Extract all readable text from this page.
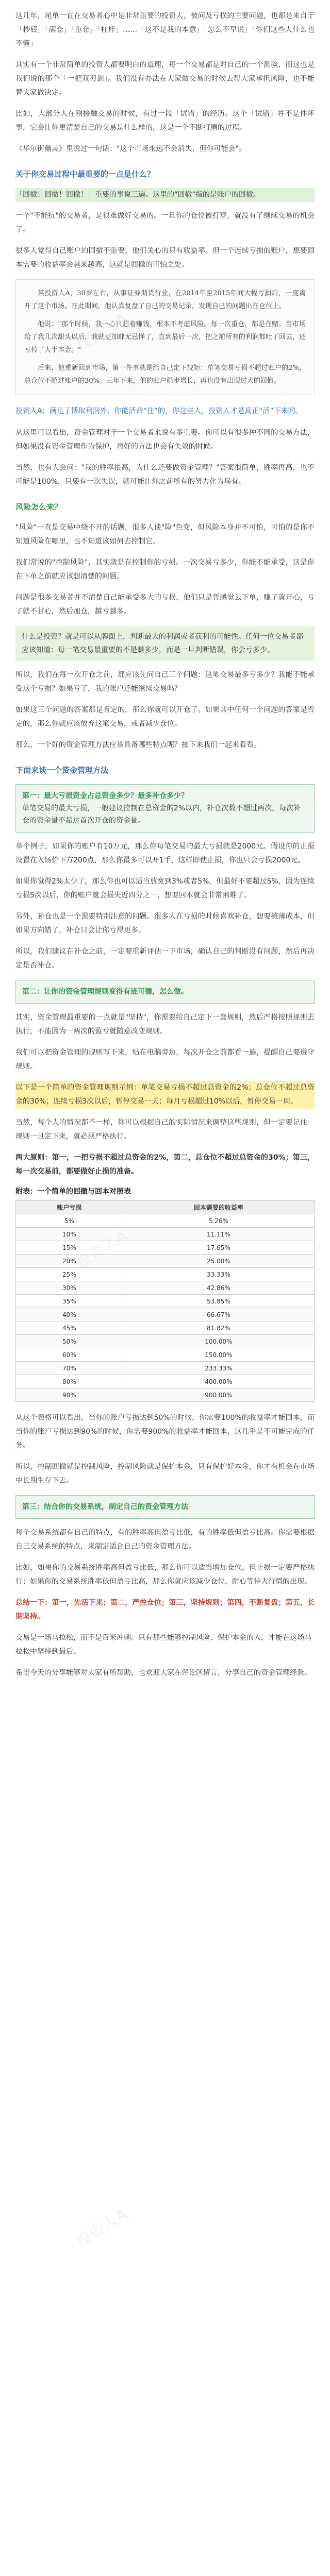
投资人A
投资人A

这几年，尾单一直在交易者心中是非常重要的投资人，被问及亏损的主要问题，也都是来自于「抄底」「满仓」「重仓」「杠杆」……「这不是我的本意」「怎么不早说」「你们这些人什么也不懂」

其实有一个非常简单的投资人都要明白的道理，每一个交易都是对自己的一个测验，而这也是我们说的那个「一把双刃剑」。我们没有办法在大家做交易的时候去帮大家承担风险，也不能替大家做决定。

比如，大部分人在刚接触交易的时候，有过一段「试错」的经历。这个「试错」并不是件坏事，它会让你更清楚自己的交易是什么样的，这是一个不断打磨的过程。

《华尔街幽灵》里说过一句话："这个市场永远不会消失，但你可能会"。

关于你交易过程中最重要的一点是什么？

「回撤！回撤！回撤！」重要的事说三遍。这里的"回撤"指的是账户的回撤。

一个"不能抗"的交易者，是很难做好交易的。一旦你的仓位被打穿，就没有了继续交易的机会了。

很多人觉得自己账户的回撤不重要，他们关心的只有收益率。但一个连续亏损的账户，想要回本需要的收益率会越来越高，这就是回撤的可怕之处。

某投资人A，30岁左右，从事证券期货行业，在2014年至2015年间大幅亏损后，一度离开了这个市场。在此期间，他认真复盘了自己的交易记录，发现自己的问题出在仓位上。

他说："那个时候，我一心只想着赚钱，根本不考虑风险。每一次重仓，都是在赌。当市场给了我几次甜头以后，我就更加肆无忌惮了，直到最后一次，把之前所有的利润都吐了回去，还亏掉了大半本金。"

后来，他重新回到市场，第一件事就是给自己定下规矩：单笔交易亏损不超过账户的2%，总仓位不超过账户的30%。三年下来，他的账户稳步增长，再也没有出现过大的回撤。

投资人A：满足了博取利润外，你能活命“住”的，你这些人，投资人才是真正“活”下来的。

从这里可以看出，资金管理对于一个交易者来说有多重要。你可以有很多种不同的交易方法，但如果没有资金管理作为保护，再好的方法也会有失效的时候。

当然，也有人会问："我的胜率很高，为什么还要做资金管理？"答案很简单，胜率再高，也不可能是100%，只要有一次失误，就可能让你之前所有的努力化为乌有。

风险怎么来？

"风险"一直是交易中绕不开的话题，很多人谈"险"色变，但风险本身并不可怕，可怕的是你不知道风险在哪里，也不知道该如何去控制它。

我们常说的"控制风险"，其实就是在控制你的亏损。一次交易亏多少，你能不能承受，这是你在下单之前就应该想清楚的问题。

问题是很多交易者并不清楚自己能承受多大的亏损，他们只是凭感觉去下单，赚了就开心，亏了就不甘心，然后加仓，越亏越多。

什么是投资？就是可以从牌面上，判断最大的利润或者获利的可能性。任何一位交易者都应该知道：每一笔交易最重要的不是赚多少，而是一旦判断错误，你会亏多少。

所以，我们在每一次开仓之前，都应该先问自己三个问题：这笔交易最多亏多少？我能不能承受这个亏损？如果亏了，我的账户还能继续交易吗？

如果这三个问题的答案都是肯定的，那么你就可以开仓了。如果其中任何一个问题的答案是否定的，那么你就应该放弃这笔交易，或者减少仓位。

那么，一个好的资金管理方法应该具备哪些特点呢？接下来我们一起来看看。

下面来谈一个资金管理方法
第一：最大亏损资金占总资金多少？最多补仓多少？
单笔交易的最大亏损，一般建议控制在总资金的2%以内，补仓次数不超过两次，每次补仓的资金量不超过首次开仓的资金量。

举个例子，如果你的账户有10万元，那么你每笔交易的最大亏损就是2000元。假设你的止损设置在入场价下方200点，那么你最多可以开1手，这样即使止损，你也只会亏损2000元。

如果你觉得2%太少了，那么你也可以适当放宽到3%或者5%，但最好不要超过5%，因为连续亏损5次以后，你的账户就会损失近四分之一，想要回本就会非常困难了。

另外，补仓也是一个需要特别注意的问题。很多人在亏损的时候喜欢补仓，想要摊薄成本，但如果方向错了，补仓只会让你亏得更多。

所以，我们建议在补仓之前，一定要重新评估一下市场，确认自己的判断没有问题，然后再决定是否补仓。

第二：让你的资金管理规则变得有迹可循，怎么做。

其实，资金管理最重要的一点就是"坚持"，你需要给自己定下一套规则，然后严格按照规则去执行，不能因为一两次的盈亏就随意改变规则。

我们可以把资金管理的规则写下来，贴在电脑旁边，每次开仓之前都看一遍，提醒自己要遵守规则。

以下是一个简单的资金管理规则示例：单笔交易亏损不超过总资金的2%；总仓位不超过总资金的30%；连续亏损3次以后，暂停交易一天；每月亏损超过10%以后，暂停交易一周。

当然，每个人的情况都不一样，你可以根据自己的实际情况来调整这些规则，但一定要记住：规则一旦定下来，就必须严格执行。

两大原则：第一，一把亏损不超过总资金的2%，第二，总仓位不超过总资金的30%；第三，每一次交易前，都要做好止损的准备。

附表：一个简单的回撤与回本对照表
账户亏损	回本需要的收益率
5%	5.26%
10%	11.11%
15%	17.65%
20%	25.00%
25%	33.33%
30%	42.86%
35%	53.85%
40%	66.67%
45%	81.82%
50%	100.00%
60%	150.00%
70%	233.33%
80%	400.00%
90%	900.00%

从这个表格可以看出，当你的账户亏损达到50%的时候，你需要100%的收益率才能回本，而当你的账户亏损达到90%的时候，你需要900%的收益率才能回本，这几乎是不可能完成的任务。

所以，控制回撤就是控制风险，控制风险就是保护本金，只有保护好本金，你才有机会在市场中长期生存下去。

第三：结合你的交易系统，制定自己的资金管理方法

每个交易系统都有自己的特点，有的胜率高但盈亏比低，有的胜率低但盈亏比高。你需要根据自己交易系统的特点，来制定适合自己的资金管理方法。

比如，如果你的交易系统胜率高但盈亏比低，那么你可以适当增加仓位，但止损一定要严格执行；如果你的交易系统胜率低但盈亏比高，那么你就应该减少仓位，耐心等待大行情的出现。

总结一下：第一，先活下来；第二，严控仓位；第三，坚持规则；第四，不断复盘；第五，长期坚持。

交易是一场马拉松，而不是百米冲刺。只有那些能够控制风险、保护本金的人，才能在这场马拉松中坚持到最后。

希望今天的分享能够对大家有所帮助，也欢迎大家在评论区留言，分享自己的资金管理经验。
